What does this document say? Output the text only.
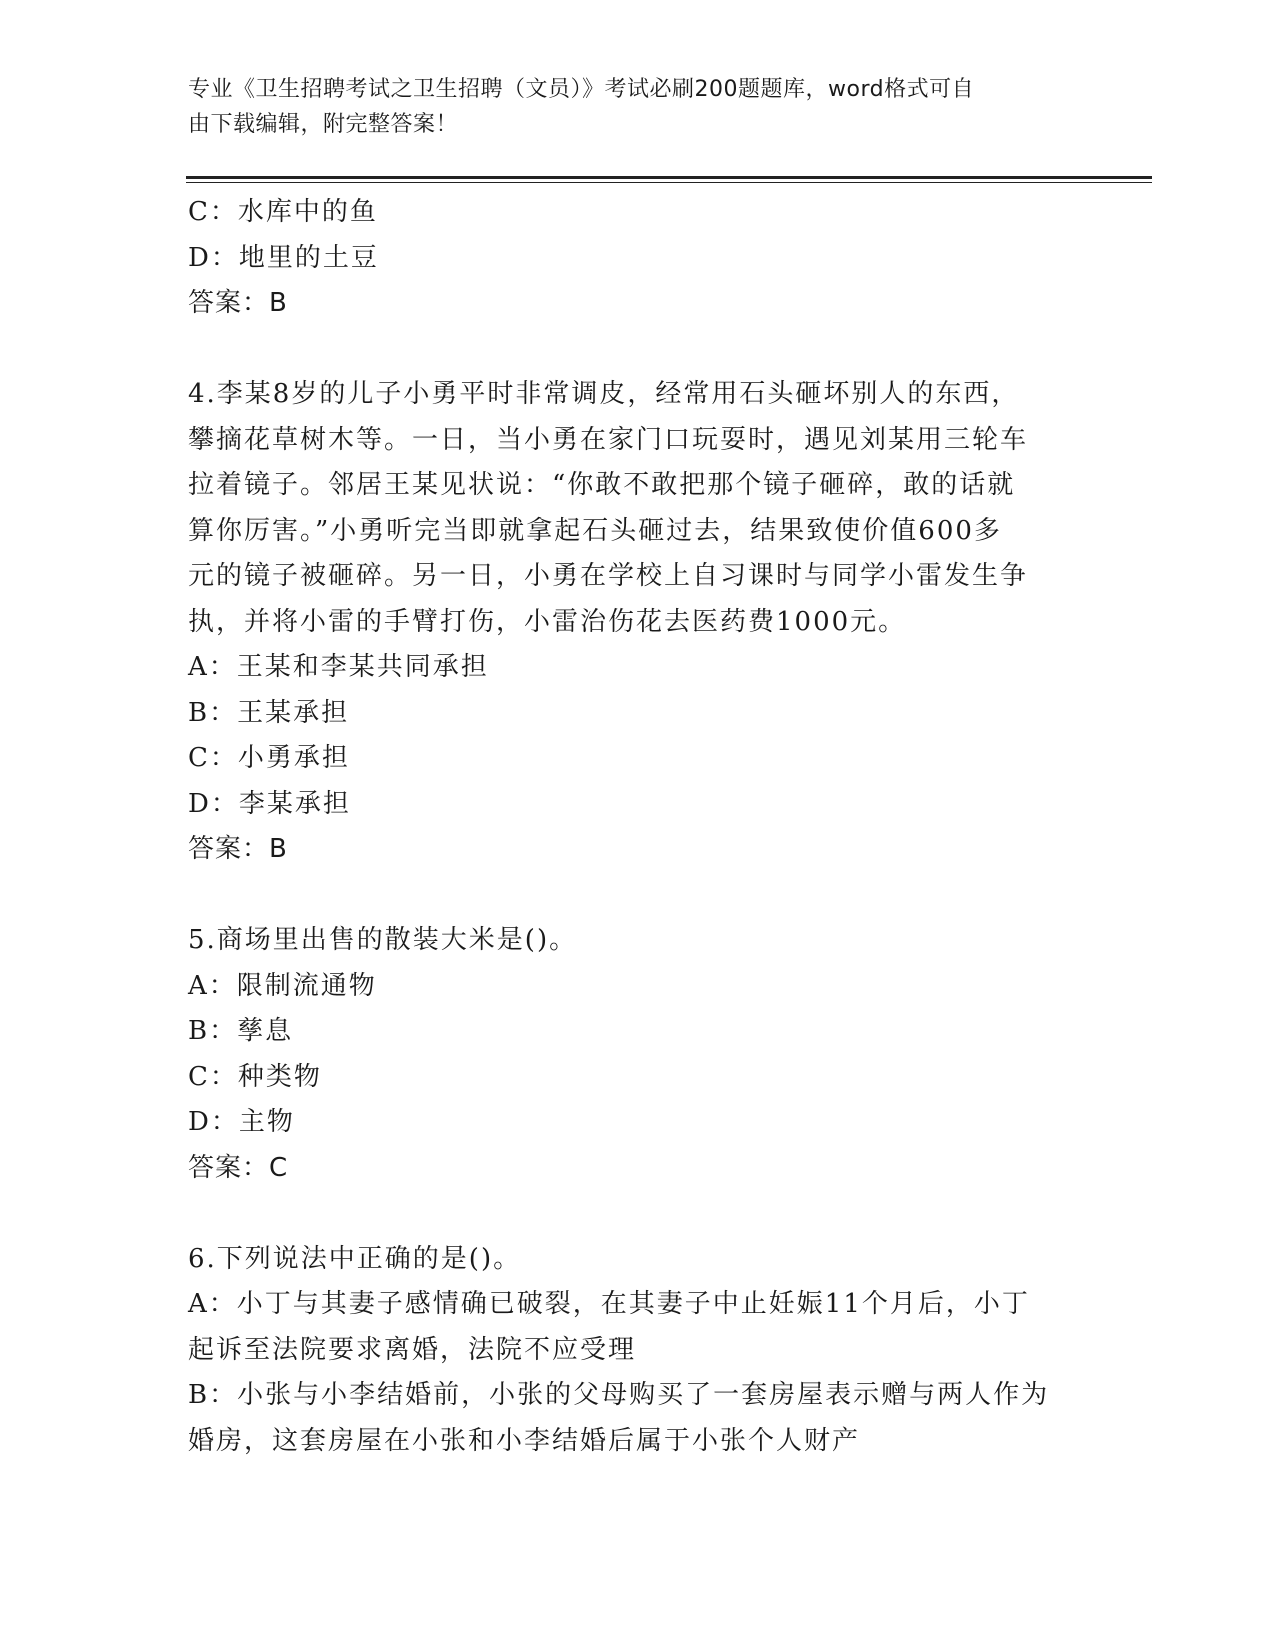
专业《卫生招聘考试之卫生招聘（文员）》考试必刷200题题库，word格式可自
由下载编辑，附完整答案！
C：水库中的鱼
D：地里的土豆
答案：B
4.李某8岁的儿子小勇平时非常调皮，经常用石头砸坏别人的东西，
攀摘花草树木等。一日，当小勇在家门口玩耍时，遇见刘某用三轮车
拉着镜子。邻居王某见状说：“你敢不敢把那个镜子砸碎，敢的话就
算你厉害。”小勇听完当即就拿起石头砸过去，结果致使价值600多
元的镜子被砸碎。另一日，小勇在学校上自习课时与同学小雷发生争
执，并将小雷的手臂打伤，小雷治伤花去医药费1000元。
A：王某和李某共同承担
B：王某承担
C：小勇承担
D：李某承担
答案：B
5.商场里出售的散装大米是()。
A：限制流通物
B：孳息
C：种类物
D：主物
答案：C
6.下列说法中正确的是()。
A：小丁与其妻子感情确已破裂，在其妻子中止妊娠11个月后，小丁
起诉至法院要求离婚，法院不应受理
B：小张与小李结婚前，小张的父母购买了一套房屋表示赠与两人作为
婚房，这套房屋在小张和小李结婚后属于小张个人财产
